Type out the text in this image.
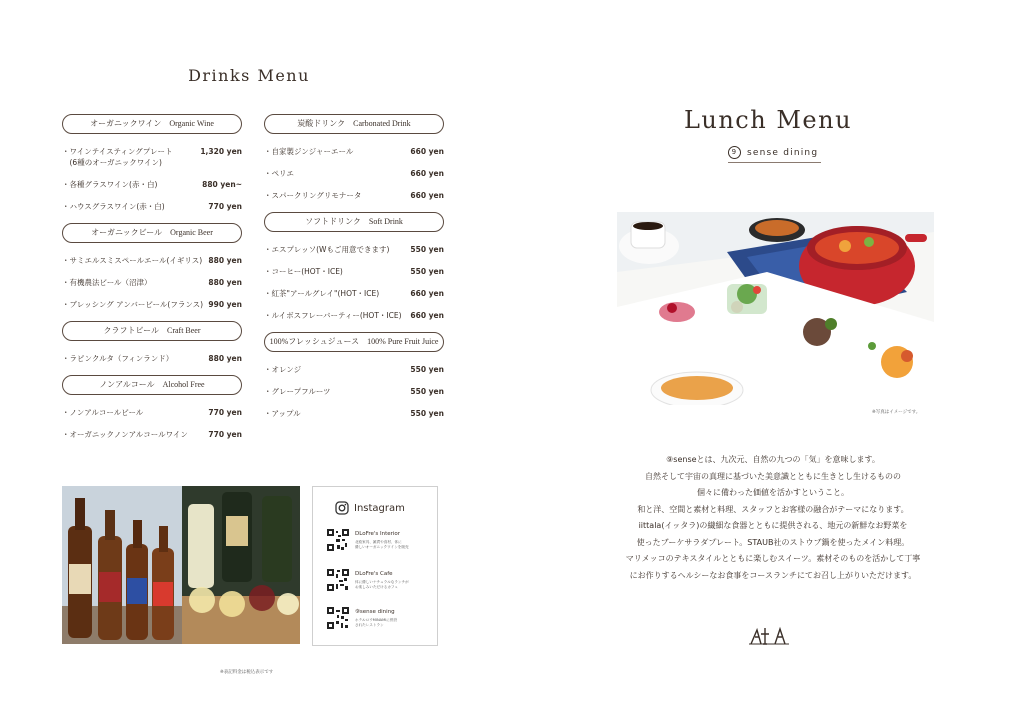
Drinks Menu
オーガニックワイン　Organic Wine
・ワインテイスティングプレート
　(6種のオーガニックワイン)
1,320 yen
・各種グラスワイン(赤・白)	880 yen~
・ハウスグラスワイン(赤・白)	770 yen
オーガニックビール　Organic Beer
・サミエルスミスペールエール(イギリス) 880 yen
・有機農法ビール（沼津）	880 yen
・ブレッシング アンバービール(フランス) 990 yen
クラフトビール　Craft Beer
・ラピンクルタ（フィンランド）	880 yen
ノンアルコール　Alcohol Free
・ノンアルコールビール	770 yen
・オーガニックノンアルコールワイン	770 yen
炭酸ドリンク　Carbonated Drink
・自家製ジンジャーエール	660 yen
・ペリエ	660 yen
・スパークリングリモナータ	660 yen
ソフトドリンク　Soft Drink
・エスプレッソ(Wもご用意できます)	550 yen
・コーヒー(HOT・ICE)	550 yen
・紅茶"アールグレイ"(HOT・ICE)	660 yen
・ルイボスフレーバーティー(HOT・ICE) 660 yen
100%フレッシュジュース　100% Pure Fruit Juice
・オレンジ	550 yen
・グレープフルーツ	550 yen
・アップル	550 yen
Instagram
DLoFre's Interior
北欧家具、雑貨や食材、体に
優しいオーガニックワインを販売
DLoFre's Cafe
体に優しいナチュラルなランチが
お楽しみいただけるカフェ
⑨sense dining
ホテルロウMINAMIに併設
されたレストラン
※表記料金は税込表示です
Lunch Menu
9	sense dining
※写真はイメージです。

⑨senseとは、九次元、自然の九つの「気」を意味します。

自然そして宇宙の真理に基づいた美意識とともに生きとし生けるものの

個々に備わった価値を活かすということ。

和と洋、空間と素材と料理、スタッフとお客様の融合がテーマになります。

iittala(イッタラ)の繊細な食器とともに提供される、地元の新鮮なお野菜を

使ったブーケサラダプレート。STAUB社のストウブ鍋を使ったメイン料理。

マリメッコのテキスタイルとともに楽しむスイーツ。素材そのものを活かして丁寧

にお作りするヘルシーなお食事をコースランチにてお召し上がりいただけます。
